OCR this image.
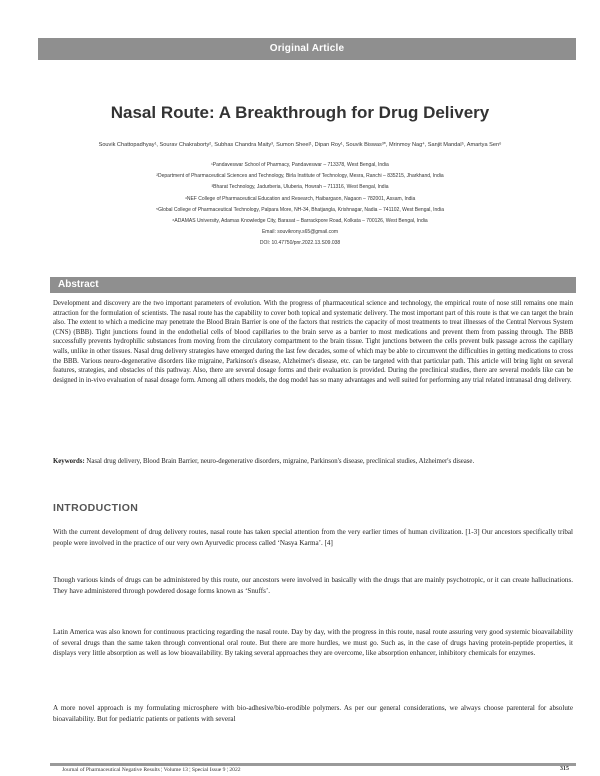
Original Article
Nasal Route: A Breakthrough for Drug Delivery
Souvik Chattopadhyay¹, Sourav Chakraborty², Subhas Chandra Maity³, Sumon Sheel¹, Dipan Roy¹, Souvik Biswas³*, Mrinmoy Nag⁴, Sanjit Mandal⁵, Amartya Sen⁶
¹Pandaveswar School of Pharmacy, Pandaveswar – 713378, West Bengal, India
²Department of Pharmaceutical Sciences and Technology, Birla Institute of Technology, Mesra, Ranchi – 835215, Jharkhand, India
³Bharat Technology, Jadurberia, Uluberia, Howrah – 711316, West Bengal, India
⁴NEF College of Pharmaceutical Education and Research, Haibargaon, Nagaon – 782001, Assam, India
⁵Global College of Pharmaceutical Technology, Palpara More, NH-34, Bhatjangla, Krishnagar, Nadia – 741102, West Bengal, India
⁶ADAMAS University, Adamas Knowledge City, Barasat – Barrackpore Road, Kolkata – 700126, West Bengal, India
Email: souvikrony.s65@gmail.com
DOI: 10.47750/pnr.2022.13.S09.038
Abstract

Development and discovery are the two important parameters of evolution. With the progress of pharmaceutical science and technology, the empirical route of nose still remains one main attraction for the formulation of scientists. The nasal route has the capability to cover both topical and systematic delivery. The most important part of this route is that we can target the brain also. The extent to which a medicine may penetrate the Blood Brain Barrier is one of the factors that restricts the capacity of most treatments to treat illnesses of the Central Nervous System (CNS) (BBB). Tight junctions found in the endothelial cells of blood capillaries to the brain serve as a barrier to most medications and prevent them from passing through. The BBB successfully prevents hydrophilic substances from moving from the circulatory compartment to the brain tissue. Tight junctions between the cells prevent bulk passage across the capillary walls, unlike in other tissues. Nasal drug delivery strategies have emerged during the last few decades, some of which may be able to circumvent the difficulties in getting medications to cross the BBB. Various neuro-degenerative disorders like migraine, Parkinson's disease, Alzheimer's disease, etc. can be targeted with that particular path. This article will bring light on several features, strategies, and obstacles of this pathway. Also, there are several dosage forms and their evaluation is provided. During the preclinical studies, there are several models like can be designed in in-vivo evaluation of nasal dosage form. Among all others models, the dog model has so many advantages and well suited for performing any trial related intranasal drug delivery.

Keywords: Nasal drug delivery, Blood Brain Barrier, neuro-degenerative disorders, migraine, Parkinson's disease, preclinical studies, Alzheimer's disease.

INTRODUCTION

With the current development of drug delivery routes, nasal route has taken special attention from the very earlier times of human civilization. [1-3] Our ancestors specifically tribal people were involved in the practice of our very own Ayurvedic process called ‘Nasya Karma’. [4]

Though various kinds of drugs can be administered by this route, our ancestors were involved in basically with the drugs that are mainly psychotropic, or it can create hallucinations. They have administered through powdered dosage forms known as ‘Snuffs’.

Latin America was also known for continuous practicing regarding the nasal route. Day by day, with the progress in this route, nasal route assuring very good systemic bioavailability of several drugs than the same taken through conventional oral route. But there are more hurdles, we must go. Such as, in the case of drugs having protein-peptide properties, it displays very little absorption as well as low bioavailability. By taking several approaches they are overcome, like absorption enhancer, inhibitory chemicals for enzymes.

A more novel approach is my formulating microsphere with bio-adhesive/bio-erodible polymers. As per our general considerations, we always choose parenteral for absolute bioavailability. But for pediatric patients or patients with several

Journal of Pharmaceutical Negative Results ¦ Volume 13 ¦ Special Issue 9 ¦ 2022	315
